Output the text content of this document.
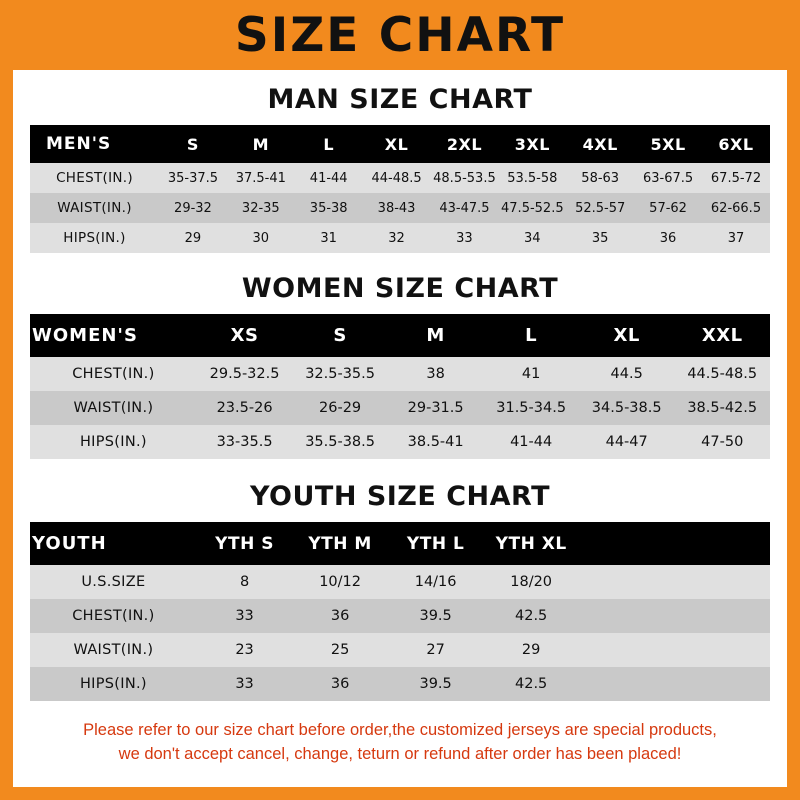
SIZE CHART
MAN SIZE CHART
MEN'S	S	M	L	XL	2XL	3XL	4XL	5XL	6XL
CHEST(IN.)	35-37.5	37.5-41	41-44	44-48.5	48.5-53.5	53.5-58	58-63	63-67.5	67.5-72
WAIST(IN.)	29-32	32-35	35-38	38-43	43-47.5	47.5-52.5	52.5-57	57-62	62-66.5
HIPS(IN.)	29	30	31	32	33	34	35	36	37
WOMEN SIZE CHART
WOMEN'S	XS	S	M	L	XL	XXL
CHEST(IN.)	29.5-32.5	32.5-35.5	38	41	44.5	44.5-48.5
WAIST(IN.)	23.5-26	26-29	29-31.5	31.5-34.5	34.5-38.5	38.5-42.5
HIPS(IN.)	33-35.5	35.5-38.5	38.5-41	41-44	44-47	47-50
YOUTH SIZE CHART
YOUTH	YTH S	YTH M	YTH L	YTH XL		
U.S.SIZE	8	10/12	14/16	18/20		
CHEST(IN.)	33	36	39.5	42.5		
WAIST(IN.)	23	25	27	29		
HIPS(IN.)	33	36	39.5	42.5		
Please refer to our size chart before order,the customized jerseys are special products,
we don't accept cancel, change, teturn or refund after order has been placed!
